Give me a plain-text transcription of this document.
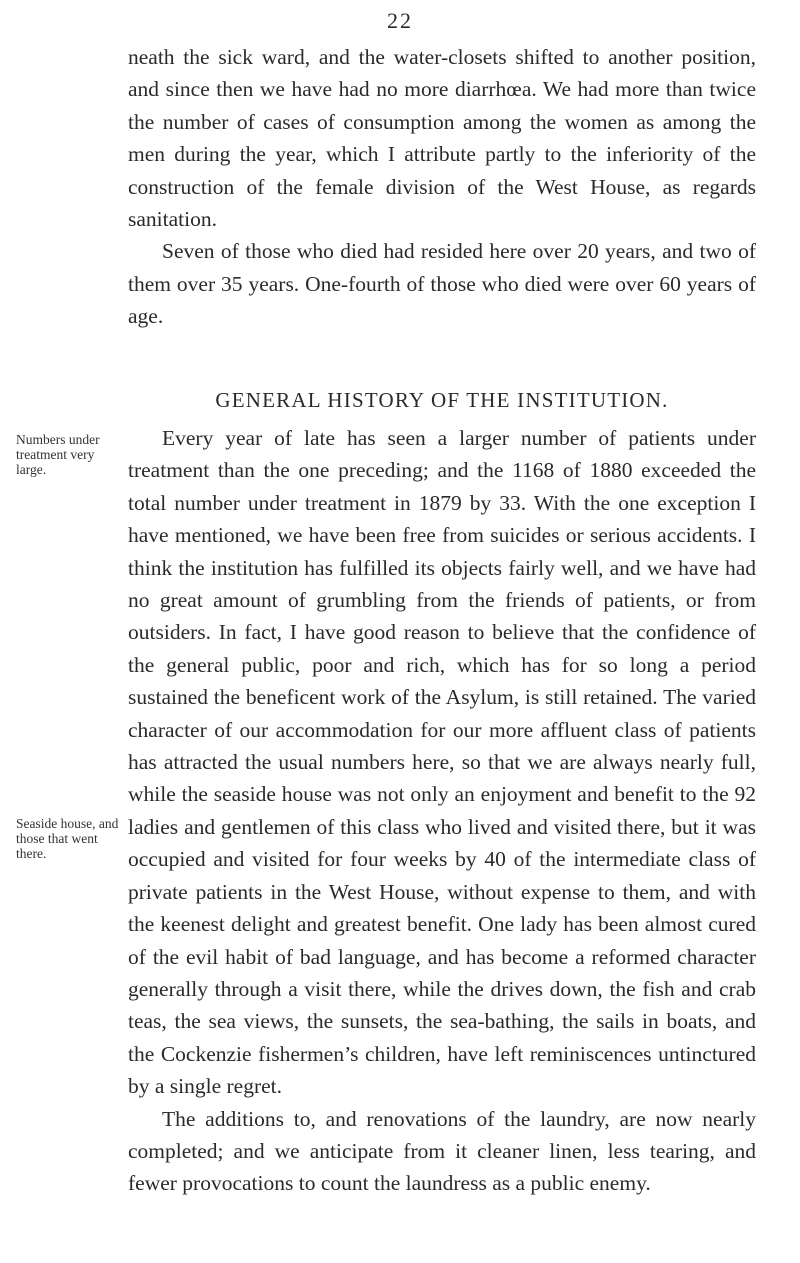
22

neath the sick ward, and the water-closets shifted to another position, and since then we have had no more diarrhœa. We had more than twice the number of cases of consumption among the women as among the men during the year, which I attribute partly to the inferiority of the construction of the female division of the West House, as regards sanitation.

Seven of those who died had resided here over 20 years, and two of them over 35 years. One-fourth of those who died were over 60 years of age.

GENERAL HISTORY OF THE INSTITUTION.
Numbers under treatment very large.

Every year of late has seen a larger number of patients under treatment than the one preceding; and the 1168 of 1880 exceeded the total number under treatment in 1879 by 33. With the one exception I have mentioned, we have been free from suicides or serious accidents. I think the institution has fulfilled its objects fairly well, and we have had no great amount of grumbling from the friends of patients, or from outsiders. In fact, I have good reason to believe that the confidence of the general public, poor and rich, which has for so long a period sustained the beneficent work of the Asylum, is still retained. The varied character of our accommodation for our more affluent class of patients has attracted the usual numbers here, so that we are always nearly full, while the seaside house was not only an enjoyment and benefit to the 92 ladies and gentlemen of this class who lived and visited there, but it was occupied and visited for four weeks by 40 of the intermediate class of private patients in the West House, without expense to them, and with the keenest delight and greatest benefit. One lady has been almost cured of the evil habit of bad language, and has become a reformed character generally through a visit there, while the drives down, the fish and crab teas, the sea views, the sunsets, the sea-bathing, the sails in boats, and the Cockenzie fishermen’s children, have left reminiscences untinctured by a single regret.

The additions to, and renovations of the laundry, are now nearly completed; and we anticipate from it cleaner linen, less tearing, and fewer provocations to count the laundress as a public enemy.

Seaside house, and those that went there.
